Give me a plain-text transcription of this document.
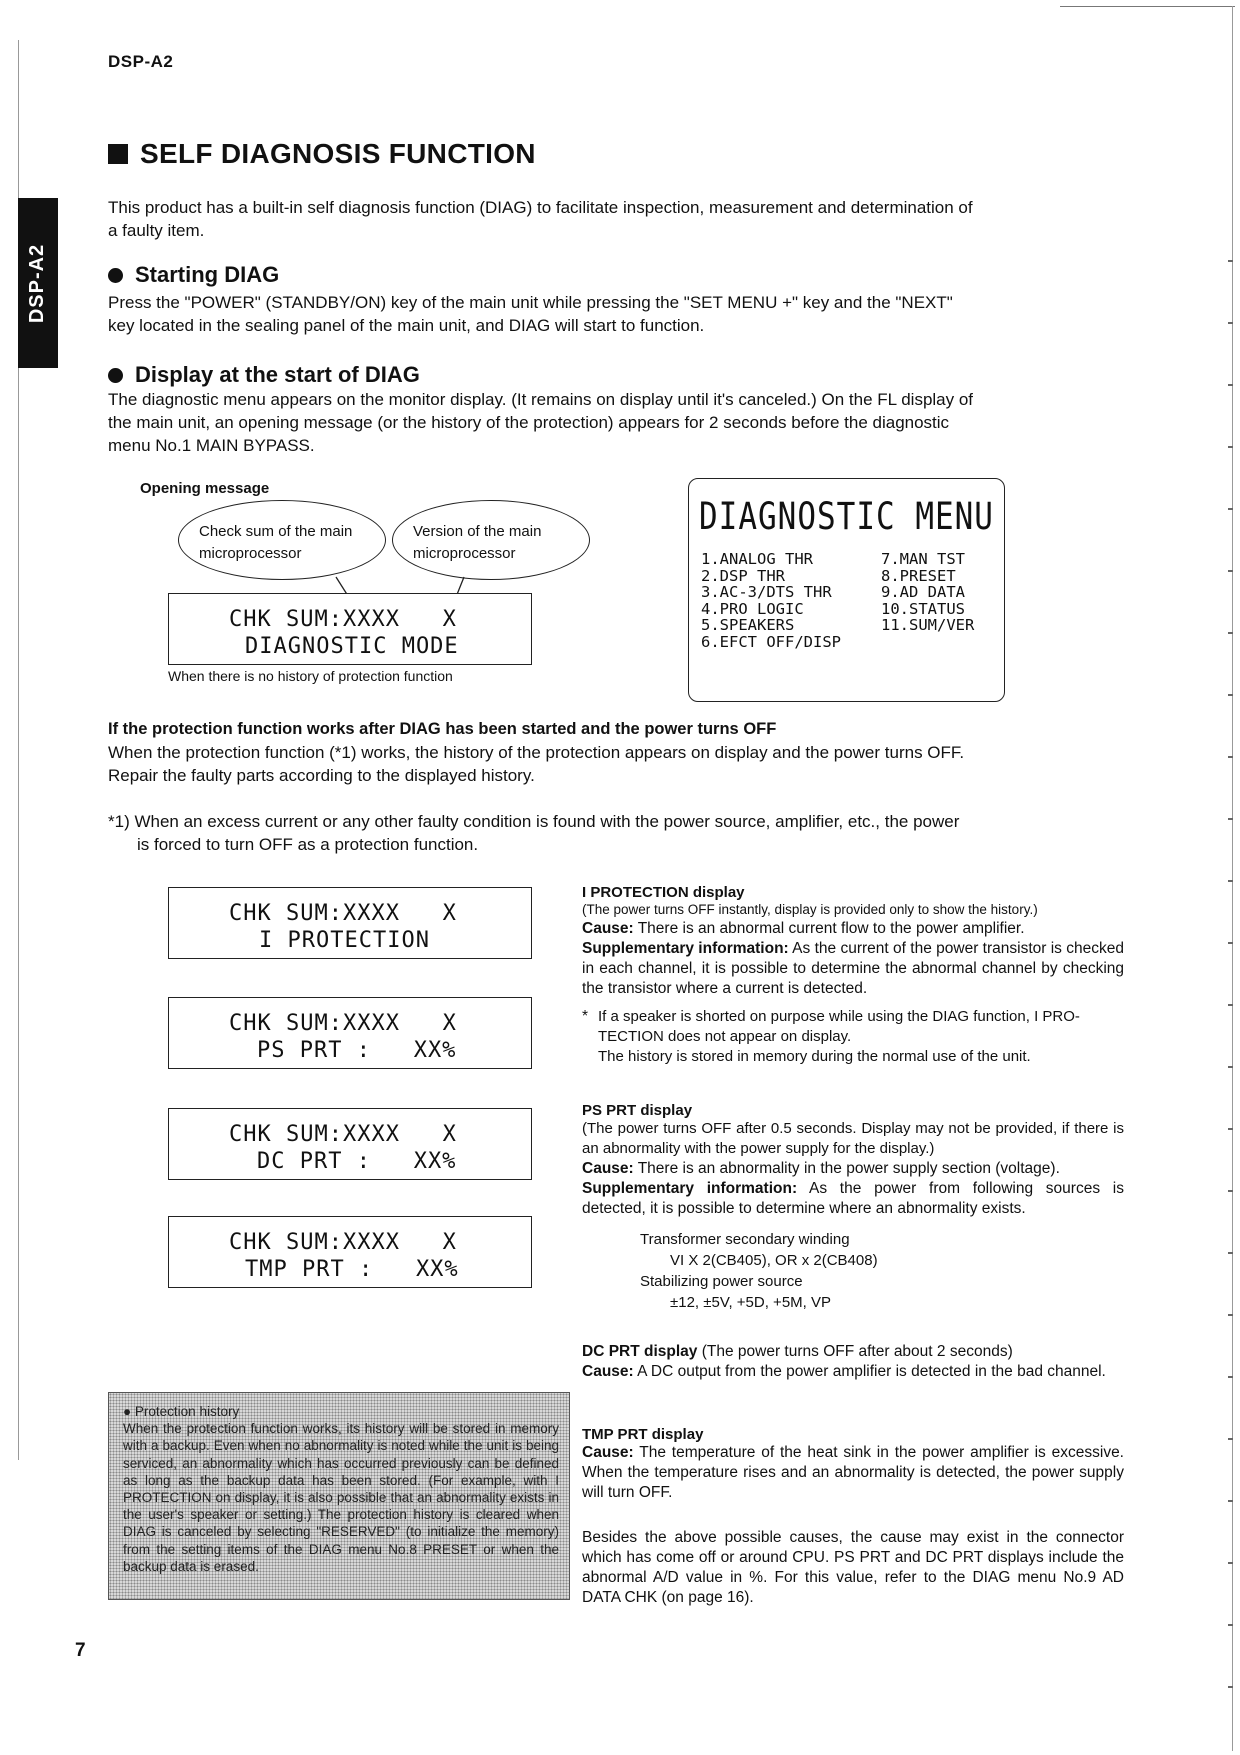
DSP-A2
DSP-A2
SELF DIAGNOSIS FUNCTION

This product has a built-in self diagnosis function (DIAG) to facilitate inspection, measurement and determination of

a faulty item.

Starting DIAG

Press the "POWER" (STANDBY/ON) key of the main unit while pressing the "SET MENU +" key and the "NEXT"

key located in the sealing panel of the main unit, and DIAG will start to function.

Display at the start of DIAG

The diagnostic menu appears on the monitor display. (It remains on display until it's canceled.) On the FL display of

the main unit, an opening message (or the history of the protection) appears for 2 seconds before the diagnostic

menu No.1 MAIN BYPASS.

Opening message
Check sum of the main
microprocessor
Version of the main
microprocessor
CHK SUM:XXXX   X
DIAGNOSTIC MODE
When there is no history of protection function
DIAGNOSTIC MENU
1.ANALOG THR
2.DSP THR
3.AC-3/DTS THR
4.PRO LOGIC
5.SPEAKERS
6.EFCT OFF/DISP
7.MAN TST
8.PRESET
9.AD DATA
10.STATUS
11.SUM/VER

If the protection function works after DIAG has been started and the power turns OFF

When the protection function (*1) works, the history of the protection appears on display and the power turns OFF.

Repair the faulty parts according to the displayed history.

*1) When an excess current or any other faulty condition is found with the power source, amplifier, etc., the power

is forced to turn OFF as a protection function.

CHK SUM:XXXX   X
I PROTECTION
CHK SUM:XXXX   X
PS PRT :   XX%
CHK SUM:XXXX   X
DC PRT :   XX%
CHK SUM:XXXX   X
TMP PRT :   XX%

I PROTECTION display

(The power turns OFF instantly, display is provided only to show the history.)

Cause: There is an abnormal current flow to the power amplifier.

Supplementary information: As the current of the power transistor is checked in each channel, it is possible to determine the abnormal channel by checking the transistor where a current is detected.

* If a speaker is shorted on purpose while using the DIAG function, I PRO-
TECTION does not appear on display.
The history is stored in memory during the normal use of the unit.

PS PRT display

(The power turns OFF after 0.5 seconds. Display may not be provided, if there is an abnormality with the power supply for the display.)

Cause: There is an abnormality in the power supply section (voltage).

Supplementary information: As the power from following sources is detected, it is possible to determine where an abnormality exists.

Transformer secondary winding
VI X 2(CB405), OR x 2(CB408)
Stabilizing power source
±12, ±5V, +5D, +5M, VP

DC PRT display (The power turns OFF after about 2 seconds)

Cause: A DC output from the power amplifier is detected in the bad channel.

TMP PRT display

Cause: The temperature of the heat sink in the power amplifier is excessive. When the temperature rises and an abnormality is detected, the power supply will turn OFF.

Besides the above possible causes, the cause may exist in the connector which has come off or around CPU. PS PRT and DC PRT displays include the abnormal A/D value in %. For this value, refer to the DIAG menu No.9 AD DATA CHK (on page 16).

● Protection history
When the protection function works, its history will be stored in memory with a backup. Even when no abnormality is noted while the unit is being serviced, an abnormality which has occurred previously can be defined as long as the backup data has been stored. (For example, with I PROTECTION on display, it is also possible that an abnormality exists in the user's speaker or setting.) The protection history is cleared when DIAG is canceled by selecting "RESERVED" (to initialize the memory) from the setting items of the DIAG menu No.8 PRESET or when the backup data is erased.
7
